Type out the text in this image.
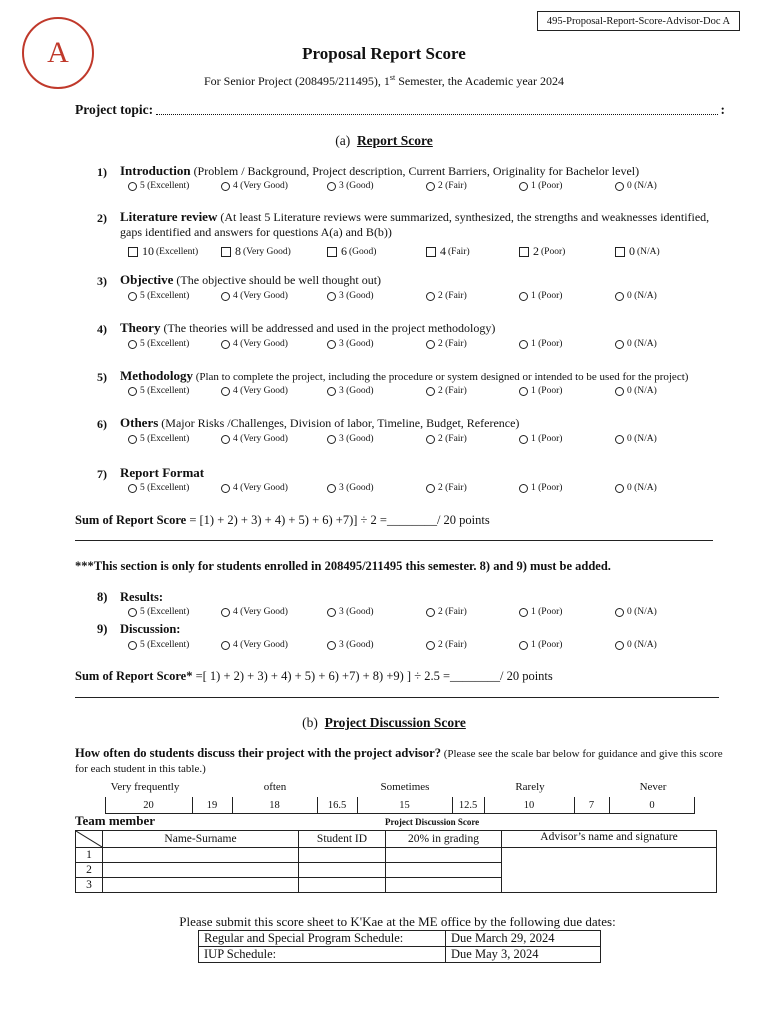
495-Proposal-Report-Score-Advisor-Doc A
A	Proposal Report Score
For Senior Project (208495/211495), 1st Semester, the Academic year 2024
Project topic:	:
(a) Report Score
1) Introduction (Problem / Background, Project description, Current Barriers, Originality for Bachelor level)
5 (Excellent)	4 (Very Good)	3 (Good)	2 (Fair)	1 (Poor)	0 (N/A)
2) Literature review (At least 5 Literature reviews were summarized, synthesized, the strengths and weaknesses identified, gaps identified and answers for questions A(a) and B(b))
10 (Excellent)	8 (Very Good)	6 (Good)	4 (Fair)	2 (Poor)	0 (N/A)
3) Objective (The objective should be well thought out)
5 (Excellent)	4 (Very Good)	3 (Good)	2 (Fair)	1 (Poor)	0 (N/A)
4) Theory (The theories will be addressed and used in the project methodology)
5 (Excellent)	4 (Very Good)	3 (Good)	2 (Fair)	1 (Poor)	0 (N/A)
5) Methodology (Plan to complete the project, including the procedure or system designed or intended to be used for the project)
5 (Excellent)	4 (Very Good)	3 (Good)	2 (Fair)	1 (Poor)	0 (N/A)
6) Others (Major Risks /Challenges, Division of labor, Timeline, Budget, Reference)
5 (Excellent)	4 (Very Good)	3 (Good)	2 (Fair)	1 (Poor)	0 (N/A)
7) Report Format
5 (Excellent)	4 (Very Good)	3 (Good)	2 (Fair)	1 (Poor)	0 (N/A)
Sum of Report Score = [1) + 2) + 3) + 4) + 5) + 6) +7)] ÷ 2 =________/ 20 points
***This section is only for students enrolled in 208495/211495 this semester. 8) and 9) must be added.
8) Results:
5 (Excellent)	4 (Very Good)	3 (Good)	2 (Fair)	1 (Poor)	0 (N/A)
9) Discussion:
5 (Excellent)	4 (Very Good)	3 (Good)	2 (Fair)	1 (Poor)	0 (N/A)
Sum of Report Score* =[ 1) + 2) + 3) + 4) + 5) + 6) +7) + 8) +9) ] ÷ 2.5 =________/ 20 points
(b) Project Discussion Score
How often do students discuss their project with the project advisor? (Please see the scale bar below for guidance and give this score for each student in this table.)
Very frequently	often	Sometimes	Rarely	Never
20	19	18	16.5	15	12.5	10	7	0
Team member	Project Discussion Score
	Name-Surname	Student ID	20% in grading	Advisor’s name and signature
1				
2				
3				
Please submit this score sheet to K'Kae at the ME office by the following due dates:
Regular and Special Program Schedule:	Due March 29, 2024
IUP Schedule:	Due May 3, 2024
